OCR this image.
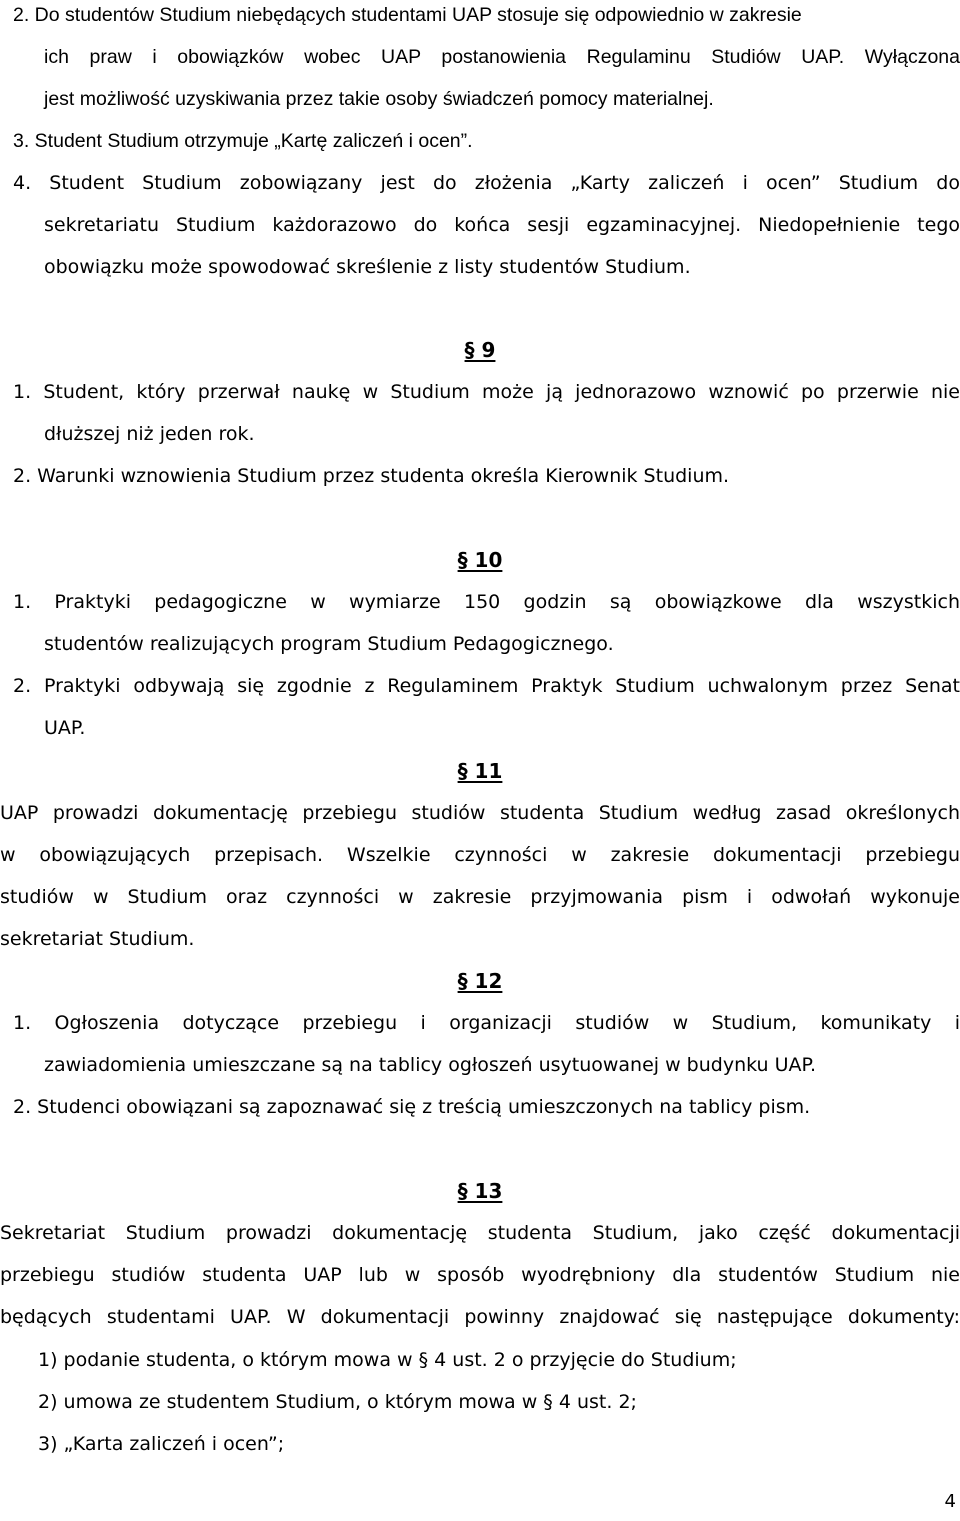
2. Do studentów Studium niebędących studentami UAP stosuje się odpowiednio w zakresie
ich praw i obowiązków wobec UAP postanowienia Regulaminu Studiów UAP. Wyłączona
jest możliwość uzyskiwania przez takie osoby świadczeń pomocy materialnej.
3. Student Studium otrzymuje „Kartę zaliczeń i ocen”.
4. Student Studium zobowiązany jest do złożenia „Karty zaliczeń i ocen” Studium do
sekretariatu Studium każdorazowo do końca sesji egzaminacyjnej. Niedopełnienie tego
obowiązku może spowodować skreślenie z listy studentów Studium.
§ 9
1. Student, który przerwał naukę w Studium może ją jednorazowo wznowić po przerwie nie
dłuższej niż jeden rok.
2. Warunki wznowienia Studium przez studenta określa Kierownik Studium.
§ 10
1. Praktyki pedagogiczne w wymiarze 150 godzin są obowiązkowe dla wszystkich
studentów realizujących program Studium Pedagogicznego.
2. Praktyki odbywają się zgodnie z Regulaminem Praktyk Studium uchwalonym przez Senat
UAP.
§ 11
UAP prowadzi dokumentację przebiegu studiów studenta Studium według zasad określonych
w obowiązujących przepisach. Wszelkie czynności w zakresie dokumentacji przebiegu
studiów w Studium oraz czynności w zakresie przyjmowania pism i odwołań wykonuje
sekretariat Studium.
§ 12
1. Ogłoszenia dotyczące przebiegu i organizacji studiów w Studium, komunikaty i
zawiadomienia umieszczane są na tablicy ogłoszeń usytuowanej w budynku UAP.
2. Studenci obowiązani są zapoznawać się z treścią umieszczonych na tablicy pism.
§ 13
Sekretariat Studium prowadzi dokumentację studenta Studium, jako część dokumentacji
przebiegu studiów studenta UAP lub w sposób wyodrębniony dla studentów Studium nie
będących studentami UAP. W dokumentacji powinny znajdować się następujące dokumenty:
1) podanie studenta, o którym mowa w § 4 ust. 2 o przyjęcie do Studium;
2) umowa ze studentem Studium, o którym mowa w § 4 ust. 2;
3) „Karta zaliczeń i ocen”;
4
